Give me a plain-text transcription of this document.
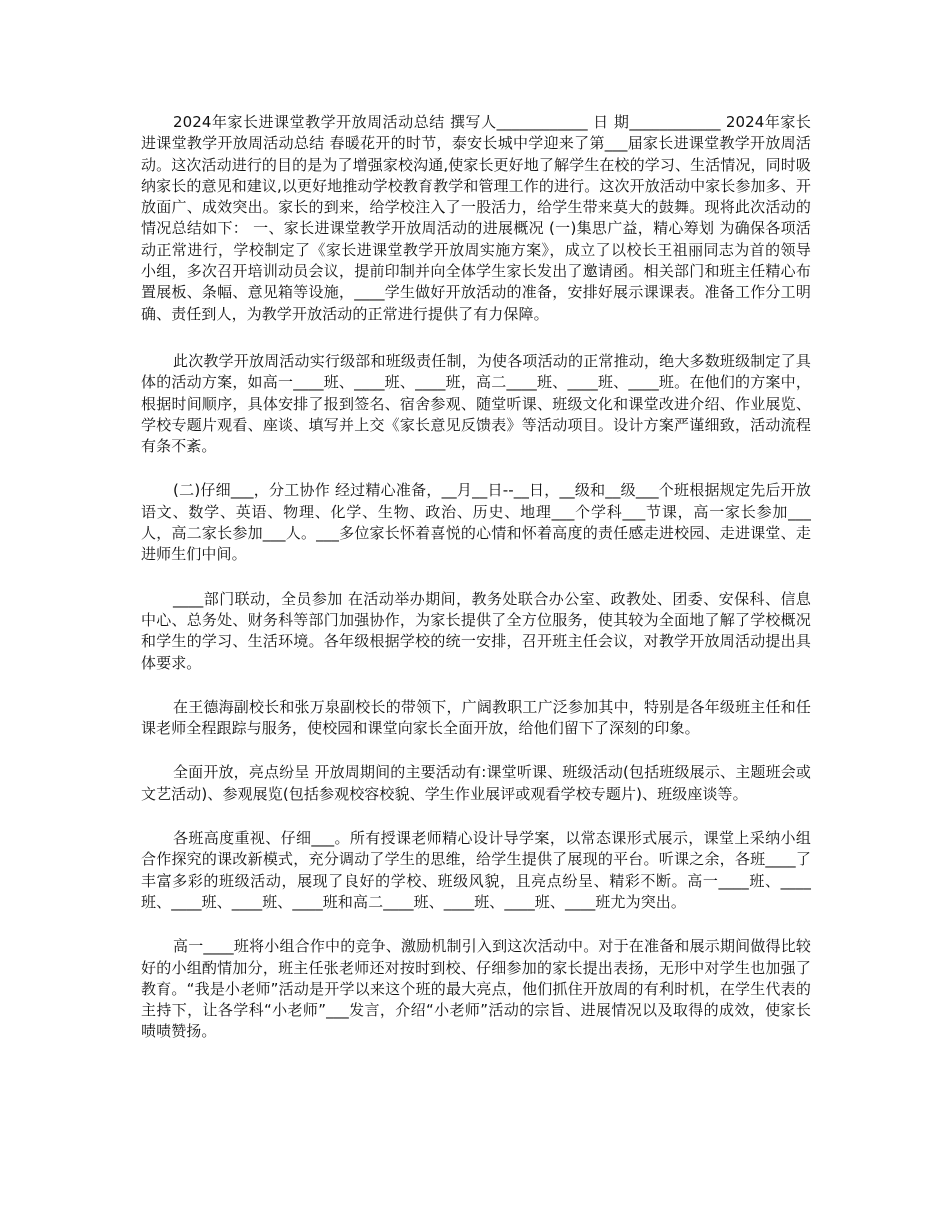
2024年家长进课堂教学开放周活动总结 撰写人____________ 日 期____________ 2024年家长进课堂教学开放周活动总结 春暖花开的时节，泰安长城中学迎来了第___届家长进课堂教学开放周活动。这次活动进行的目的是为了增强家校沟通,使家长更好地了解学生在校的学习、生活情况，同时吸纳家长的意见和建议,以更好地推动学校教育教学和管理工作的进行。这次开放活动中家长参加多、开放面广、成效突出。家长的到来，给学校注入了一股活力，给学生带来莫大的鼓舞。现将此次活动的情况总结如下： 一、家长进课堂教学开放周活动的进展概况 (一)集思广益，精心筹划 为确保各项活动正常进行，学校制定了《家长进课堂教学开放周实施方案》，成立了以校长王祖丽同志为首的领导小组，多次召开培训动员会议，提前印制并向全体学生家长发出了邀请函。相关部门和班主任精心布置展板、条幅、意见箱等设施，____学生做好开放活动的准备，安排好展示课课表。准备工作分工明确、责任到人，为教学开放活动的正常进行提供了有力保障。

此次教学开放周活动实行级部和班级责任制，为使各项活动的正常推动，绝大多数班级制定了具体的活动方案，如高一____班、____班、____班，高二____班、____班、____班。在他们的方案中，根据时间顺序，具体安排了报到签名、宿舍参观、随堂听课、班级文化和课堂改进介绍、作业展览、学校专题片观看、座谈、填写并上交《家长意见反馈表》等活动项目。设计方案严谨细致，活动流程有条不紊。

(二)仔细___，分工协作 经过精心准备，__月__日--__日，__级和__级___个班根据规定先后开放语文、数学、英语、物理、化学、生物、政治、历史、地理___个学科___节课，高一家长参加___人，高二家长参加___人。___多位家长怀着喜悦的心情和怀着高度的责任感走进校园、走进课堂、走进师生们中间。

____部门联动，全员参加 在活动举办期间，教务处联合办公室、政教处、团委、安保科、信息中心、总务处、财务科等部门加强协作，为家长提供了全方位服务，使其较为全面地了解了学校概况和学生的学习、生活环境。各年级根据学校的统一安排，召开班主任会议，对教学开放周活动提出具体要求。

在王德海副校长和张万泉副校长的带领下，广阔教职工广泛参加其中，特别是各年级班主任和任课老师全程跟踪与服务，使校园和课堂向家长全面开放，给他们留下了深刻的印象。

全面开放，亮点纷呈 开放周期间的主要活动有:课堂听课、班级活动(包括班级展示、主题班会或文艺活动)、参观展览(包括参观校容校貌、学生作业展评或观看学校专题片)、班级座谈等。

各班高度重视、仔细___。所有授课老师精心设计导学案，以常态课形式展示，课堂上采纳小组合作探究的课改新模式，充分调动了学生的思维，给学生提供了展现的平台。听课之余，各班____了丰富多彩的班级活动，展现了良好的学校、班级风貌，且亮点纷呈、精彩不断。高一____班、____班、____班、____班、____班和高二____班、____班、____班、____班尤为突出。

高一____班将小组合作中的竞争、激励机制引入到这次活动中。对于在准备和展示期间做得比较好的小组酌情加分，班主任张老师还对按时到校、仔细参加的家长提出表扬，无形中对学生也加强了教育。“我是小老师”活动是开学以来这个班的最大亮点，他们抓住开放周的有利时机，在学生代表的主持下，让各学科“小老师”___发言，介绍“小老师”活动的宗旨、进展情况以及取得的成效，使家长啧啧赞扬。
